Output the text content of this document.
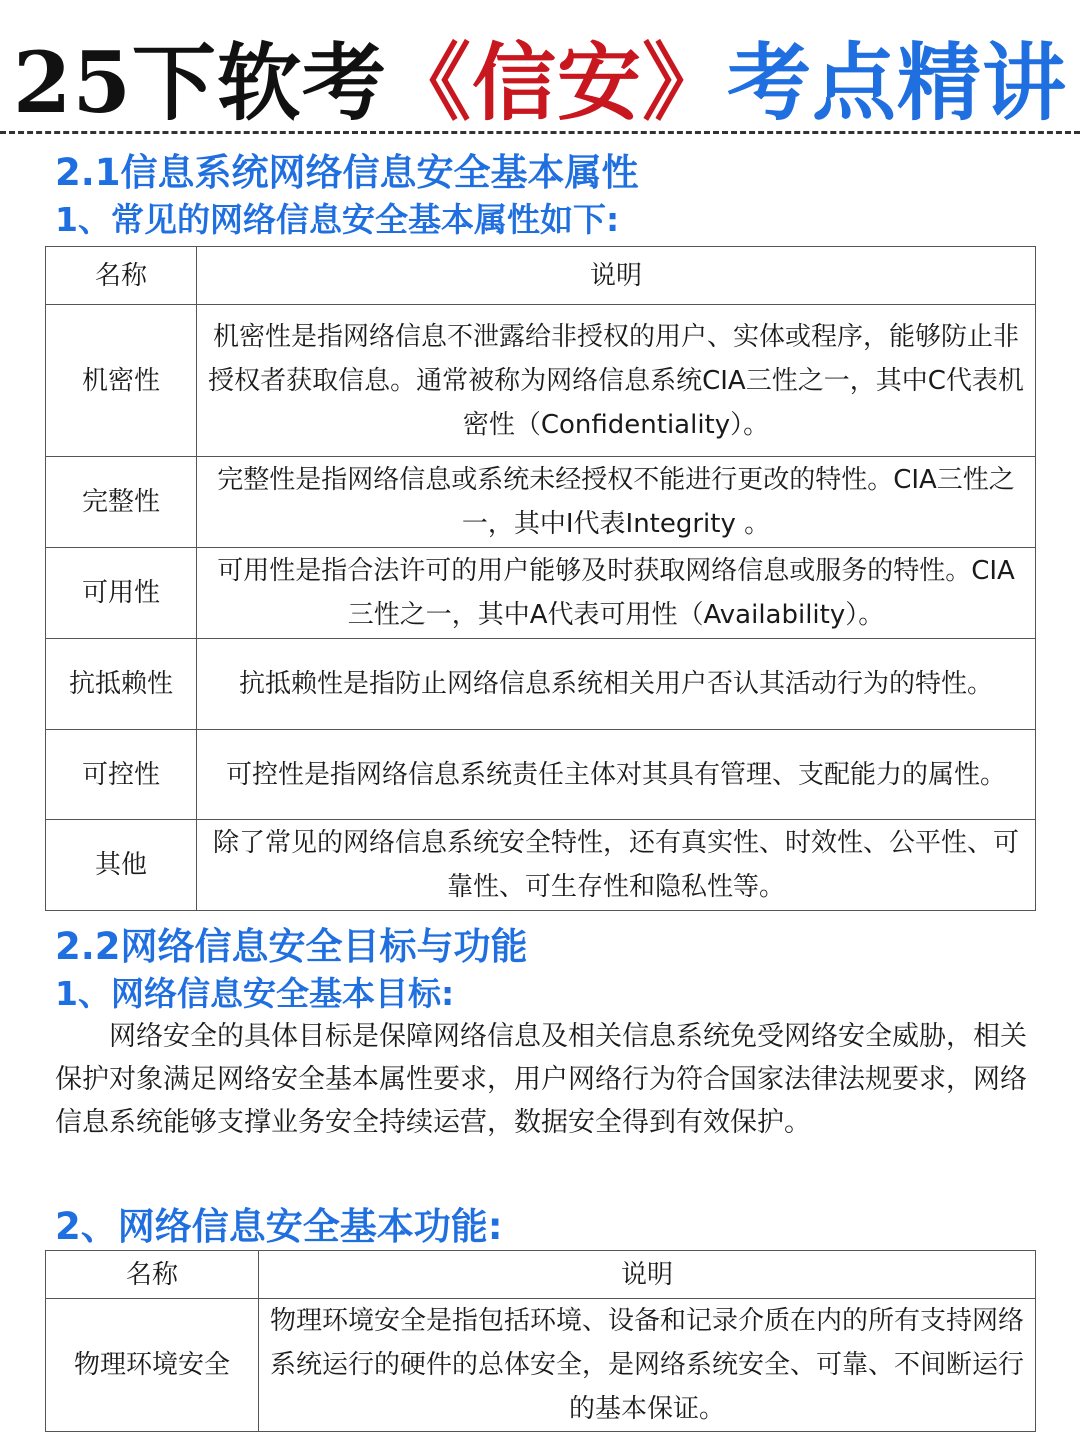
25下软考 《信安》 考点精讲
2.1信息系统网络信息安全基本属性
1、常见的网络信息安全基本属性如下:
名称	说明
机密性	机密性是指网络信息不泄露给非授权的用户、实体或程序，能够防止非授权者获取信息。通常被称为网络信息系统CIA三性之一，其中C代表机密性（Confidentiality）。
完整性	完整性是指网络信息或系统未经授权不能进行更改的特性。CIA三性之一，其中I代表Integrity 。
可用性	可用性是指合法许可的用户能够及时获取网络信息或服务的特性。CIA三性之一，其中A代表可用性（Availability）。
抗抵赖性	抗抵赖性是指防止网络信息系统相关用户否认其活动行为的特性。
可控性	可控性是指网络信息系统责任主体对其具有管理、支配能力的属性。
其他	除了常见的网络信息系统安全特性，还有真实性、时效性、公平性、可靠性、可生存性和隐私性等。
2.2网络信息安全目标与功能
1、网络信息安全基本目标:
网络安全的具体目标是保障网络信息及相关信息系统免受网络安全威胁，相关保护对象满足网络安全基本属性要求，用户网络行为符合国家法律法规要求，网络信息系统能够支撑业务安全持续运营，数据安全得到有效保护。
2、网络信息安全基本功能:
名称	说明
物理环境安全	物理环境安全是指包括环境、设备和记录介质在内的所有支持网络系统运行的硬件的总体安全，是网络系统安全、可靠、不间断运行的基本保证。
